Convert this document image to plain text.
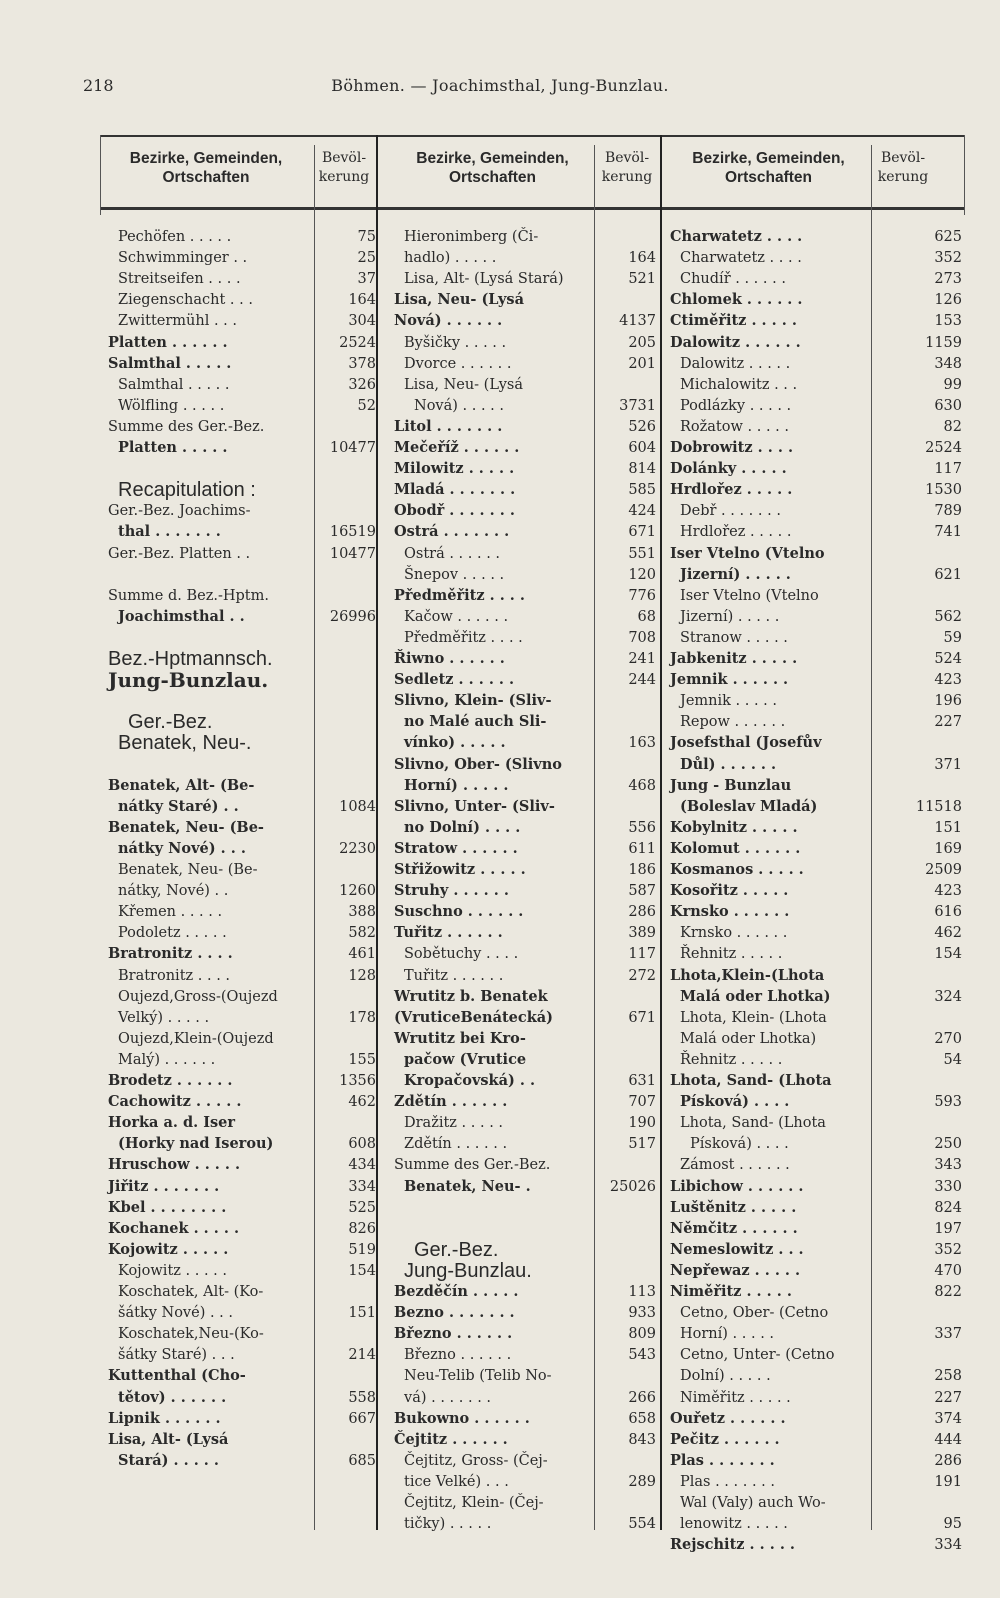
218	Böhmen. — Joachimsthal, Jung-Bunzlau.
Bezirke, Gemeinden, Ortschaften
Bevöl-
kerung
Bezirke, Gemeinden, Ortschaften
Bevöl-
kerung
Bezirke, Gemeinden, Ortschaften
Bevöl-
kerung
Pechöfen . . . . .	75
Schwimminger . .	25
Streitseifen . . . .	37
Ziegenschacht . . .	164
Zwittermühl . . .	304
Platten . . . . . .	2524
Salmthal . . . . .	378
Salmthal . . . . .	326
Wölfling . . . . .	52
Summe des Ger.-Bez.
Platten . . . . .	10477
Recapitulation :
Ger.-Bez. Joachims-
thal . . . . . . .	16519
Ger.-Bez. Platten . .	10477
Summe d. Bez.-Hptm.
Joachimsthal . .	26996
Bez.-Hptmannsch.
Jung-Bunzlau.
Ger.-Bez.
Benatek, Neu-.
Benatek, Alt- (Be-
nátky Staré) . .	1084
Benatek, Neu- (Be-
nátky Nové) . . .	2230
Benatek, Neu- (Be-
nátky, Nové) . .	1260
Křemen . . . . .	388
Podoletz . . . . .	582
Bratronitz . . . .	461
Bratronitz . . . .	128
Oujezd,Gross-(Oujezd
Velký) . . . . .	178
Oujezd,Klein-(Oujezd
Malý) . . . . . .	155
Brodetz . . . . . .	1356
Cachowitz . . . . .	462
Horka a. d. Iser
(Horky nad Iserou)	608
Hruschow . . . . .	434
Jiřitz . . . . . . .	334
Kbel . . . . . . . .	525
Kochanek . . . . .	826
Kojowitz . . . . .	519
Kojowitz . . . . .	154
Koschatek, Alt- (Ko-
šátky Nové) . . .	151
Koschatek,Neu-(Ko-
šátky Staré) . . .	214
Kuttenthal (Cho-
tětov) . . . . . .	558
Lipnik . . . . . .	667
Lisa, Alt- (Lysá
Stará) . . . . .	685
Hieronimberg (Či-
hadlo) . . . . .	164
Lisa, Alt- (Lysá Stará)	521
Lisa, Neu- (Lysá
Nová) . . . . . .	4137
Byšičky . . . . .	205
Dvorce . . . . . .	201
Lisa, Neu- (Lysá
Nová) . . . . .	3731
Litol . . . . . . .	526
Mečeříž . . . . . .	604
Milowitz . . . . .	814
Mladá . . . . . . .	585
Obodř . . . . . . .	424
Ostrá . . . . . . .	671
Ostrá . . . . . .	551
Šnepov . . . . .	120
Předměřitz . . . .	776
Kačow . . . . . .	68
Předměřitz . . . .	708
Řiwno . . . . . .	241
Sedletz . . . . . .	244
Slivno, Klein- (Sliv-
no Malé auch Sli-
vínko) . . . . .	163
Slivno, Ober- (Slivno
Horní) . . . . .	468
Slivno, Unter- (Sliv-
no Dolní) . . . .	556
Stratow . . . . . .	611
Střižowitz . . . . .	186
Struhy . . . . . .	587
Suschno . . . . . .	286
Tuřitz . . . . . .	389
Sobětuchy . . . .	117
Tuřitz . . . . . .	272
Wrutitz b. Benatek
(VruticeBenátecká)	671
Wrutitz bei Kro-
pačow (Vrutice
Kropačovská) . .	631
Zdětín . . . . . .	707
Dražitz . . . . .	190
Zdětín . . . . . .	517
Summe des Ger.-Bez.
Benatek, Neu- .	25026
Ger.-Bez.
Jung-Bunzlau.
Bezděčín . . . . .	113
Bezno . . . . . . .	933
Březno . . . . . .	809
Březno . . . . . .	543
Neu-Telib (Telib No-
vá) . . . . . . .	266
Bukowno . . . . . .	658
Čejtitz . . . . . .	843
Čejtitz, Gross- (Čej-
tice Velké) . . .	289
Čejtitz, Klein- (Čej-
tičky) . . . . .	554
Charwatetz . . . .	625
Charwatetz . . . .	352
Chudíř . . . . . .	273
Chlomek . . . . . .	126
Ctiměřitz . . . . .	153
Dalowitz . . . . . .	1159
Dalowitz . . . . .	348
Michalowitz . . .	99
Podlázky . . . . .	630
Rožatow . . . . .	82
Dobrowitz . . . .	2524
Dolánky . . . . .	117
Hrdlořez . . . . .	1530
Debř . . . . . . .	789
Hrdlořez . . . . .	741
Iser Vtelno (Vtelno
Jizerní) . . . . .	621
Iser Vtelno (Vtelno
Jizerní) . . . . .	562
Stranow . . . . .	59
Jabkenitz . . . . .	524
Jemnik . . . . . .	423
Jemnik . . . . .	196
Repow . . . . . .	227
Josefsthal (Josefův
Důl) . . . . . .	371
Jung - Bunzlau
(Boleslav Mladá)	11518
Kobylnitz . . . . .	151
Kolomut . . . . . .	169
Kosmanos . . . . .	2509
Kosořitz . . . . .	423
Krnsko . . . . . .	616
Krnsko . . . . . .	462
Řehnitz . . . . .	154
Lhota,Klein-(Lhota
Malá oder Lhotka)	324
Lhota, Klein- (Lhota
Malá oder Lhotka)	270
Řehnitz . . . . .	54
Lhota, Sand- (Lhota
Písková) . . . .	593
Lhota, Sand- (Lhota
Písková) . . . .	250
Zámost . . . . . .	343
Libichow . . . . . .	330
Luštěnitz . . . . .	824
Němčitz . . . . . .	197
Nemeslowitz . . .	352
Nepřewaz . . . . .	470
Niměřitz . . . . .	822
Cetno, Ober- (Cetno
Horní) . . . . .	337
Cetno, Unter- (Cetno
Dolní) . . . . .	258
Niměřitz . . . . .	227
Ouřetz . . . . . .	374
Pečitz . . . . . .	444
Plas . . . . . . .	286
Plas . . . . . . .	191
Wal (Valy) auch Wo-
lenowitz . . . . .	95
Rejschitz . . . . .	334
